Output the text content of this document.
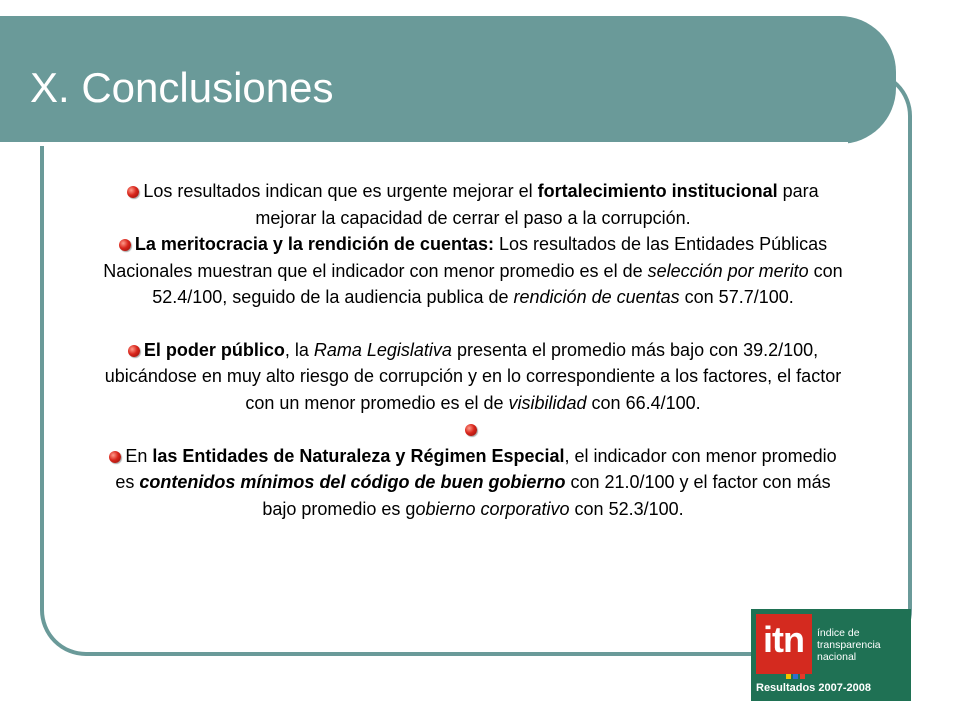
X. Conclusiones

Los resultados indican que es urgente mejorar el fortalecimiento institucional para mejorar la capacidad de cerrar el paso a la corrupción.

La meritocracia y la rendición de cuentas: Los resultados de las Entidades Públicas Nacionales muestran que el indicador con menor promedio es el de selección por merito con 52.4/100, seguido de la audiencia publica de rendición de cuentas con 57.7/100.

El poder público, la Rama Legislativa presenta el promedio más bajo con 39.2/100, ubicándose en muy alto riesgo de corrupción y en lo correspondiente a los factores, el factor con un menor promedio es el de visibilidad con 66.4/100.

En las Entidades de Naturaleza y Régimen Especial, el indicador con menor promedio es contenidos mínimos del código de buen gobierno con 21.0/100 y el factor con más bajo promedio es gobierno corporativo con 52.3/100.

itn índice de
transparencia
nacional
Resultados 2007-2008
